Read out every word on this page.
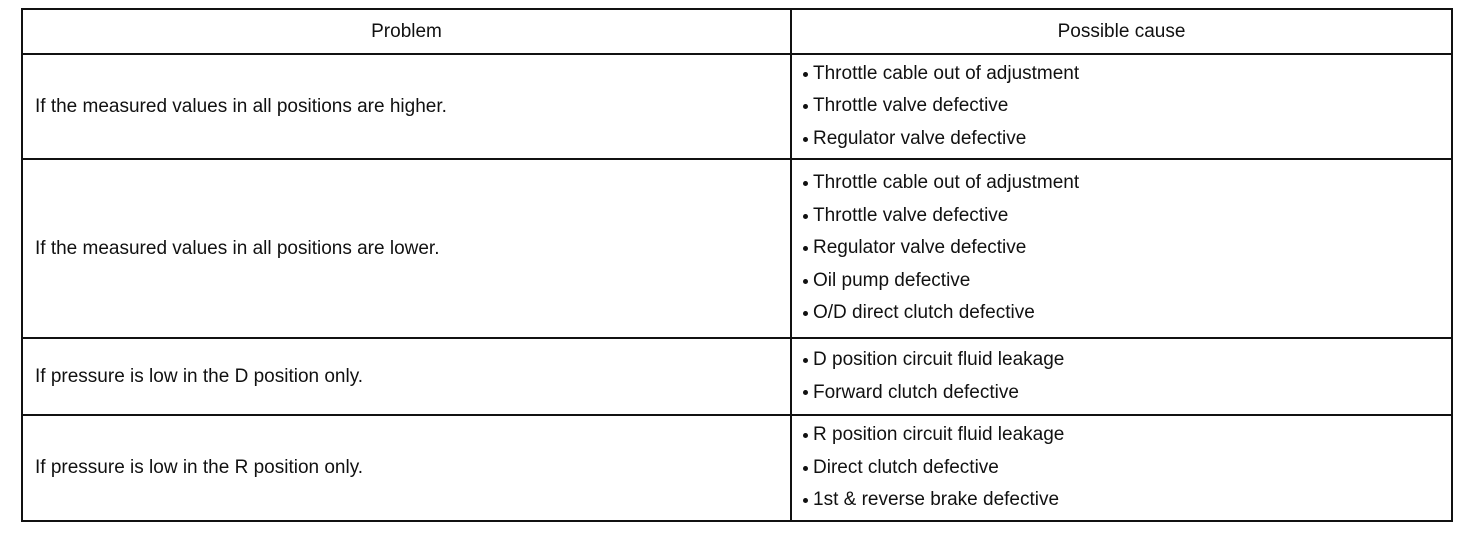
Problem	Possible cause
If the measured values in all positions are higher.
Throttle cable out of adjustment
Throttle valve defective
Regulator valve defective
If the measured values in all positions are lower.
Throttle cable out of adjustment
Throttle valve defective
Regulator valve defective
Oil pump defective
O/D direct clutch defective
If pressure is low in the D position only.
D position circuit fluid leakage
Forward clutch defective
If pressure is low in the R position only.
R position circuit fluid leakage
Direct clutch defective
1st & reverse brake defective
